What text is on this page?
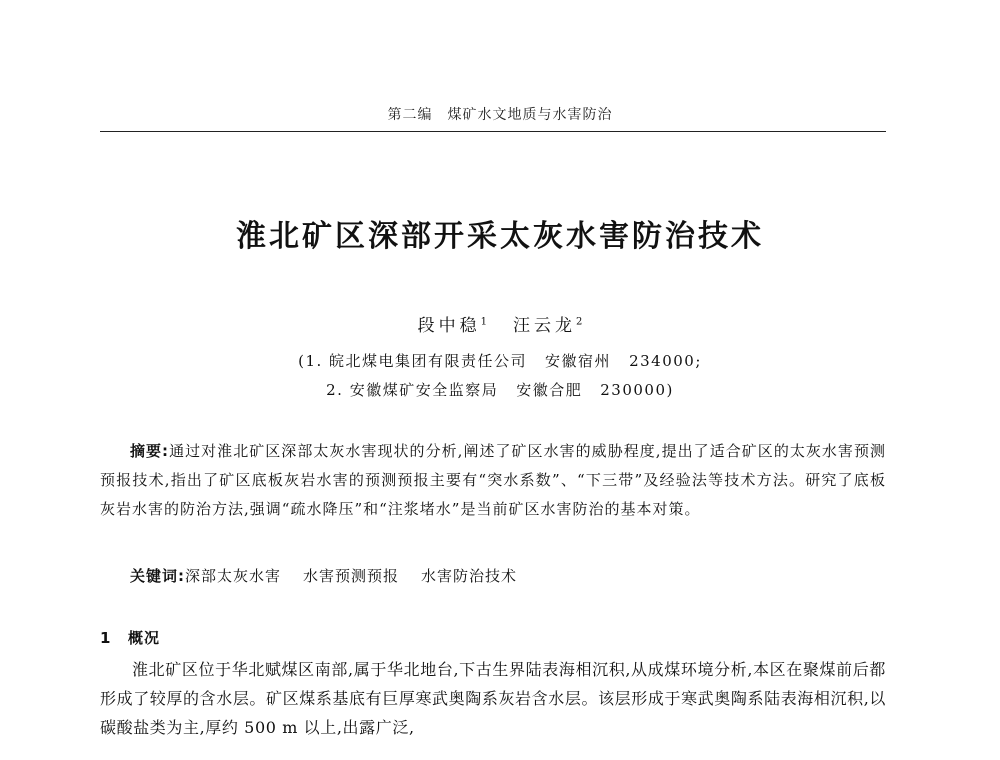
第二编　煤矿水文地质与水害防治
淮北矿区深部开采太灰水害防治技术
段中稳$^1$ 汪云龙$^2$
(1. 皖北煤电集团有限责任公司 安徽宿州 234000;
2. 安徽煤矿安全监察局 安徽合肥 230000)

摘要:通过对淮北矿区深部太灰水害现状的分析,阐述了矿区水害的威胁程度,提出了适合矿区的太灰水害预测预报技术,指出了矿区底板灰岩水害的预测预报主要有“突水系数”、“下三带”及经验法等技术方法。研究了底板灰岩水害的防治方法,强调“疏水降压”和“注浆堵水”是当前矿区水害防治的基本对策。

关键词:深部太灰水害 水害预测预报 水害防治技术

1 概况

淮北矿区位于华北赋煤区南部,属于华北地台,下古生界陆表海相沉积,从成煤环境分析,本区在聚煤前后都形成了较厚的含水层。矿区煤系基底有巨厚寒武奥陶系灰岩含水层。该层形成于寒武奥陶系陆表海相沉积,以碳酸盐类为主,厚约 500 m 以上,出露广泛,
